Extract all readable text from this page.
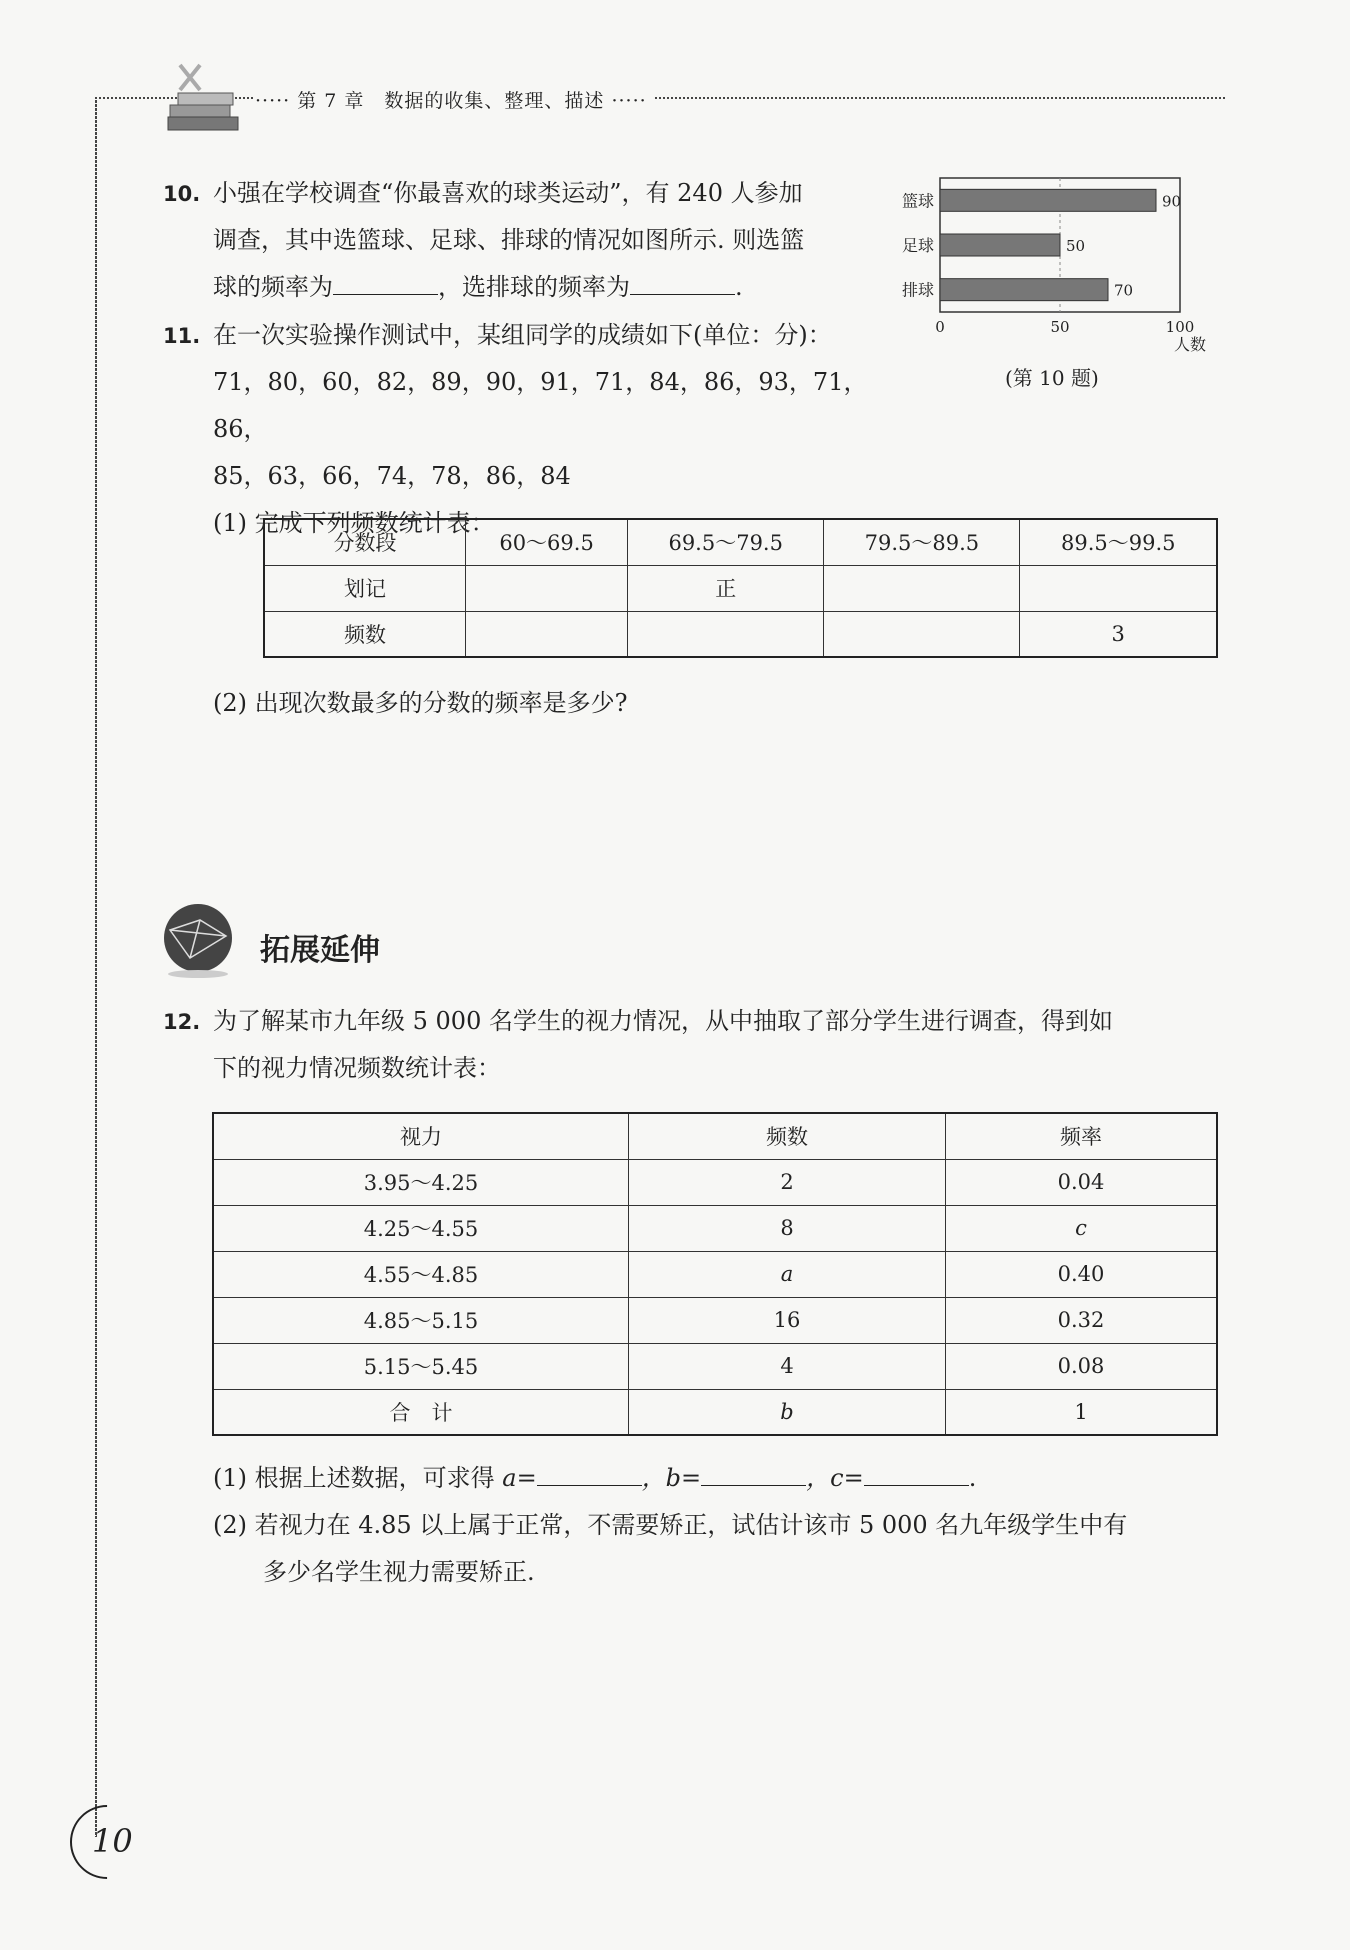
····· 第 7 章　数据的收集、整理、描述 ·····
10. 小强在学校调查“你最喜欢的球类运动”，有 240 人参加
调查，其中选篮球、足球、排球的情况如图所示. 则选篮
球的频率为	，选排球的频率为	.
篮球	90
足球	50
排球	70
0	50	100
人数
(第 10 题)
11. 在一次实验操作测试中，某组同学的成绩如下(单位：分)：
71，80，60，82，89，90，91，71，84，86，93，71，86，
85，63，66，74，78，86，84
(1) 完成下列频数统计表：
分数段	60～69.5	69.5～79.5	79.5～89.5	89.5～99.5
划记		正		
频数				3
(2) 出现次数最多的分数的频率是多少?
拓展延伸
12. 为了解某市九年级 5 000 名学生的视力情况，从中抽取了部分学生进行调查，得到如
下的视力情况频数统计表：
视力	频数	频率
3.95～4.25	2	0.04
4.25～4.55	8	c
4.55～4.85	a	0.40
4.85～5.15	16	0.32
5.15～5.45	4	0.08
合　计	b	1
(1) 根据上述数据，可求得 a=	，b=	，c=	.
(2) 若视力在 4.85 以上属于正常，不需要矫正，试估计该市 5 000 名九年级学生中有
多少名学生视力需要矫正.
10
